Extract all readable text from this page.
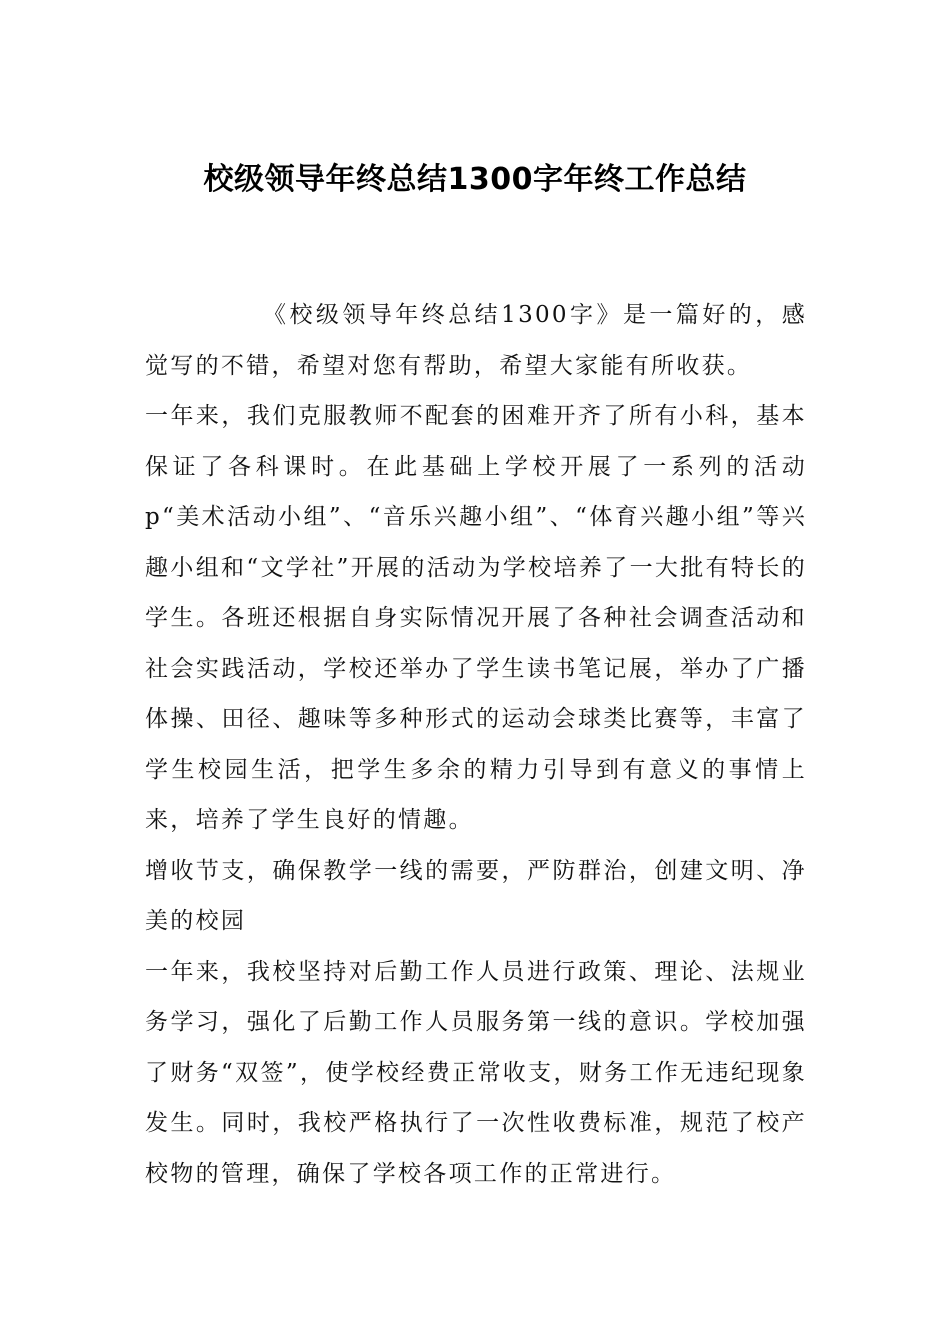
校级领导年终总结1300字年终工作总结

《校级领导年终总结1300字》是一篇好的，感觉写的不错，希望对您有帮助，希望大家能有所收获。

一年来，我们克服教师不配套的困难开齐了所有小科，基本保证了各科课时。在此基础上学校开展了一系列的活动p“美术活动小组”、“音乐兴趣小组”、“体育兴趣小组”等兴趣小组和“文学社”开展的活动为学校培养了一大批有特长的学生。各班还根据自身实际情况开展了各种社会调查活动和社会实践活动，学校还举办了学生读书笔记展，举办了广播体操、田径、趣味等多种形式的运动会球类比赛等，丰富了学生校园生活，把学生多余的精力引导到有意义的事情上来，培养了学生良好的情趣。

增收节支，确保教学一线的需要，严防群治，创建文明、净美的校园

一年来，我校坚持对后勤工作人员进行政策、理论、法规业务学习，强化了后勤工作人员服务第一线的意识。学校加强了财务“双签”，使学校经费正常收支，财务工作无违纪现象发生。同时，我校严格执行了一次性收费标准，规范了校产校物的管理，确保了学校各项工作的正常进行。
